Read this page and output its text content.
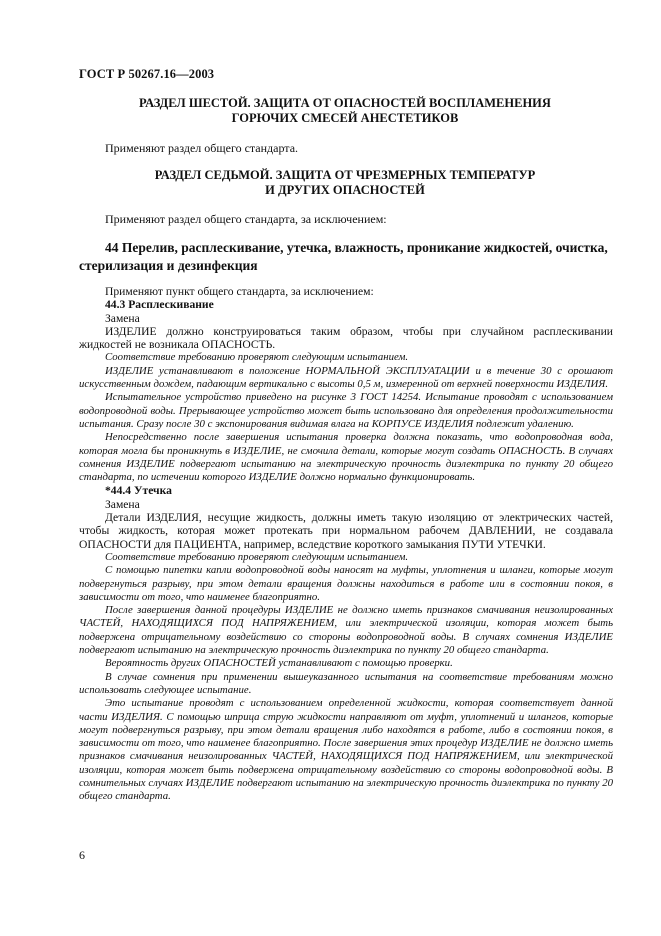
ГОСТ Р 50267.16—2003
РАЗДЕЛ ШЕСТОЙ. ЗАЩИТА ОТ ОПАСНОСТЕЙ ВОСПЛАМЕНЕНИЯ
ГОРЮЧИХ СМЕСЕЙ АНЕСТЕТИКОВ
Применяют раздел общего стандарта.
РАЗДЕЛ СЕДЬМОЙ. ЗАЩИТА ОТ ЧРЕЗМЕРНЫХ ТЕМПЕРАТУР
И ДРУГИХ ОПАСНОСТЕЙ
Применяют раздел общего стандарта, за исключением:
44 Перелив, расплескивание, утечка, влажность, проникание жидкостей, очистка, стерилизация и дезинфекция

Применяют пункт общего стандарта, за исключением:

44.3 Расплескивание

Замена

ИЗДЕЛИЕ должно конструироваться таким образом, чтобы при случайном расплескивании жидкостей не возникала ОПАСНОСТЬ.

Соответствие требованию проверяют следующим испытанием.

ИЗДЕЛИЕ устанавливают в положение НОРМАЛЬНОЙ ЭКСПЛУАТАЦИИ и в течение 30 с орошают искусственным дождем, падающим вертикально с высоты 0,5 м, измеренной от верхней поверхности ИЗДЕЛИЯ.

Испытательное устройство приведено на рисунке 3 ГОСТ 14254. Испытание проводят с использованием водопроводной воды. Прерывающее устройство может быть использовано для определения продолжительности испытания. Сразу после 30 с экспонирования видимая влага на КОРПУСЕ ИЗДЕЛИЯ подлежит удалению.

Непосредственно после завершения испытания проверка должна показать, что водопроводная вода, которая могла бы проникнуть в ИЗДЕЛИЕ, не смочила детали, которые могут создать ОПАСНОСТЬ. В случаях сомнения ИЗДЕЛИЕ подвергают испытанию на электрическую прочность диэлектрика по пункту 20 общего стандарта, по истечении которого ИЗДЕЛИЕ должно нормально функционировать.

*44.4 Утечка

Замена

Детали ИЗДЕЛИЯ, несущие жидкость, должны иметь такую изоляцию от электрических частей, чтобы жидкость, которая может протекать при нормальном рабочем ДАВЛЕНИИ, не создавала ОПАСНОСТИ для ПАЦИЕНТА, например, вследствие короткого замыкания ПУТИ УТЕЧКИ.

Соответствие требованию проверяют следующим испытанием.

С помощью пипетки капли водопроводной воды наносят на муфты, уплотнения и шланги, которые могут подвергнуться разрыву, при этом детали вращения должны находиться в работе или в состоянии покоя, в зависимости от того, что наименее благоприятно.

После завершения данной процедуры ИЗДЕЛИЕ не должно иметь признаков смачивания неизолированных ЧАСТЕЙ, НАХОДЯЩИХСЯ ПОД НАПРЯЖЕНИЕМ, или электрической изоляции, которая может быть подвержена отрицательному воздействию со стороны водопроводной воды. В случаях сомнения ИЗДЕЛИЕ подвергают испытанию на электрическую прочность диэлектрика по пункту 20 общего стандарта.

Вероятность других ОПАСНОСТЕЙ устанавливают с помощью проверки.

В случае сомнения при применении вышеуказанного испытания на соответствие требованиям можно использовать следующее испытание.

Это испытание проводят с использованием определенной жидкости, которая соответствует данной части ИЗДЕЛИЯ. С помощью шприца струю жидкости направляют от муфт, уплотнений и шлангов, которые могут подвергнуться разрыву, при этом детали вращения либо находятся в работе, либо в состоянии покоя, в зависимости от того, что наименее благоприятно. После завершения этих процедур ИЗДЕЛИЕ не должно иметь признаков смачивания неизолированных ЧАСТЕЙ, НАХОДЯЩИХСЯ ПОД НАПРЯЖЕНИЕМ, или электрической изоляции, которая может быть подвержена отрицательному воздействию со стороны водопроводной воды. В сомнительных случаях ИЗДЕЛИЕ подвергают испытанию на электрическую прочность диэлектрика по пункту 20 общего стандарта.

6
